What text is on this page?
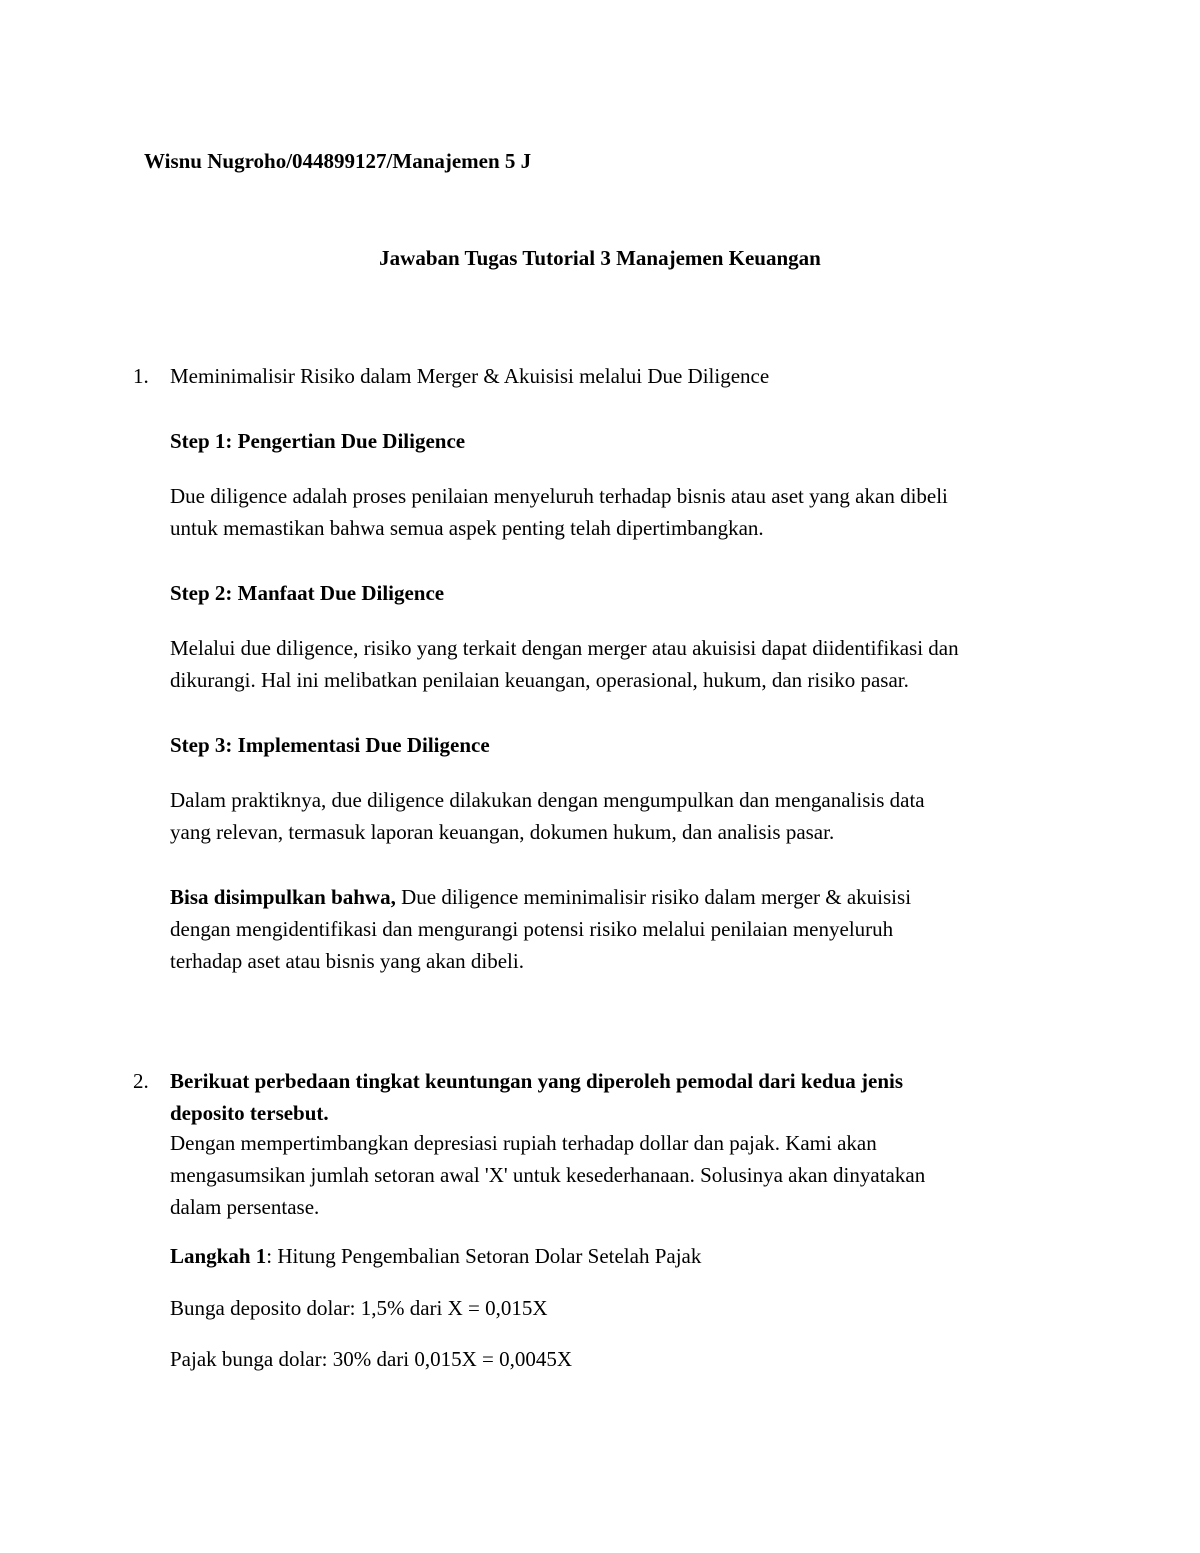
Wisnu Nugroho/044899127/Manajemen 5 J
Jawaban Tugas Tutorial 3 Manajemen Keuangan
1. Meminimalisir Risiko dalam Merger & Akuisisi melalui Due Diligence
Step 1: Pengertian Due Diligence
Due diligence adalah proses penilaian menyeluruh terhadap bisnis atau aset yang akan dibeli
untuk memastikan bahwa semua aspek penting telah dipertimbangkan.
Step 2: Manfaat Due Diligence
Melalui due diligence, risiko yang terkait dengan merger atau akuisisi dapat diidentifikasi dan
dikurangi. Hal ini melibatkan penilaian keuangan, operasional, hukum, dan risiko pasar.
Step 3: Implementasi Due Diligence
Dalam praktiknya, due diligence dilakukan dengan mengumpulkan dan menganalisis data
yang relevan, termasuk laporan keuangan, dokumen hukum, dan analisis pasar.
Bisa disimpulkan bahwa, Due diligence meminimalisir risiko dalam merger & akuisisi
dengan mengidentifikasi dan mengurangi potensi risiko melalui penilaian menyeluruh
terhadap aset atau bisnis yang akan dibeli.
2. Berikuat perbedaan tingkat keuntungan yang diperoleh pemodal dari kedua jenis
deposito tersebut.
Dengan mempertimbangkan depresiasi rupiah terhadap dollar dan pajak. Kami akan
mengasumsikan jumlah setoran awal 'X' untuk kesederhanaan. Solusinya akan dinyatakan
dalam persentase.
Langkah 1: Hitung Pengembalian Setoran Dolar Setelah Pajak
Bunga deposito dolar: 1,5% dari X = 0,015X
Pajak bunga dolar: 30% dari 0,015X = 0,0045X
